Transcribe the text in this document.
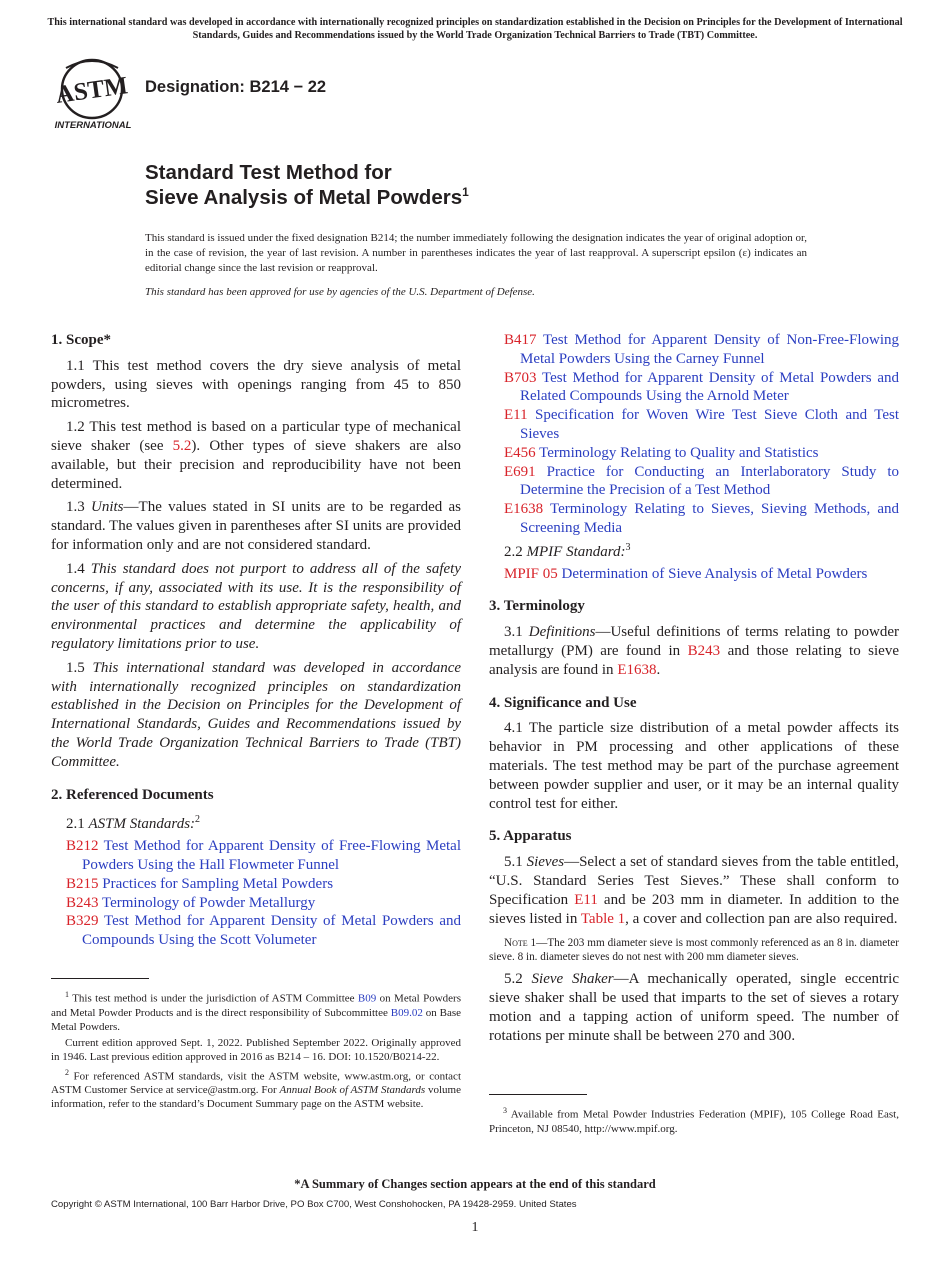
This international standard was developed in accordance with internationally recognized principles on standardization established in the Decision on Principles for the Development of International Standards, Guides and Recommendations issued by the World Trade Organization Technical Barriers to Trade (TBT) Committee.
ASTM
INTERNATIONAL
Designation: B214 − 22
Standard Test Method for
Sieve Analysis of Metal Powders$^1$
This standard is issued under the fixed designation B214; the number immediately following the designation indicates the year of original adoption or, in the case of revision, the year of last revision. A number in parentheses indicates the year of last reapproval. A superscript epsilon (ε) indicates an editorial change since the last revision or reapproval.
This standard has been approved for use by agencies of the U.S. Department of Defense.
1. Scope*
1.1 This test method covers the dry sieve analysis of metal powders, using sieves with openings ranging from 45 to 850 micrometres.
1.2 This test method is based on a particular type of mechanical sieve shaker (see 5.2). Other types of sieve shakers are also available, but their precision and reproducibility have not been determined.
1.3 Units—The values stated in SI units are to be regarded as standard. The values given in parentheses after SI units are provided for information only and are not considered standard.
1.4 This standard does not purport to address all of the safety concerns, if any, associated with its use. It is the responsibility of the user of this standard to establish appropriate safety, health, and environmental practices and determine the applicability of regulatory limitations prior to use.
1.5 This international standard was developed in accordance with internationally recognized principles on standardization established in the Decision on Principles for the Development of International Standards, Guides and Recommendations issued by the World Trade Organization Technical Barriers to Trade (TBT) Committee.
2. Referenced Documents
2.1 ASTM Standards:$^2$
B212 Test Method for Apparent Density of Free-Flowing Metal Powders Using the Hall Flowmeter Funnel
B215 Practices for Sampling Metal Powders
B243 Terminology of Powder Metallurgy
B329 Test Method for Apparent Density of Metal Powders and Compounds Using the Scott Volumeter
B417 Test Method for Apparent Density of Non-Free-Flowing Metal Powders Using the Carney Funnel
B703 Test Method for Apparent Density of Metal Powders and Related Compounds Using the Arnold Meter
E11 Specification for Woven Wire Test Sieve Cloth and Test Sieves
E456 Terminology Relating to Quality and Statistics
E691 Practice for Conducting an Interlaboratory Study to Determine the Precision of a Test Method
E1638 Terminology Relating to Sieves, Sieving Methods, and Screening Media
2.2 MPIF Standard:$^3$
MPIF 05 Determination of Sieve Analysis of Metal Powders
3. Terminology
3.1 Definitions—Useful definitions of terms relating to powder metallurgy (PM) are found in B243 and those relating to sieve analysis are found in E1638.
4. Significance and Use
4.1 The particle size distribution of a metal powder affects its behavior in PM processing and other applications of these materials. The test method may be part of the purchase agreement between powder supplier and user, or it may be an internal quality control test for either.
5. Apparatus
5.1 Sieves—Select a set of standard sieves from the table entitled, “U.S. Standard Series Test Sieves.” These shall conform to Specification E11 and be 203 mm in diameter. In addition to the sieves listed in Table 1, a cover and collection pan are also required.
Note 1—The 203 mm diameter sieve is most commonly referenced as an 8 in. diameter sieve. 8 in. diameter sieves do not nest with 200 mm diameter sieves.
5.2 Sieve Shaker—A mechanically operated, single eccentric sieve shaker shall be used that imparts to the set of sieves a rotary motion and a tapping action of uniform speed. The number of rotations per minute shall be between 270 and 300.

$^1$ This test method is under the jurisdiction of ASTM Committee B09 on Metal Powders and Metal Powder Products and is the direct responsibility of Subcommittee B09.02 on Base Metal Powders.

Current edition approved Sept. 1, 2022. Published September 2022. Originally approved in 1946. Last previous edition approved in 2016 as B214 – 16. DOI: 10.1520/B0214-22.

$^2$ For referenced ASTM standards, visit the ASTM website, www.astm.org, or contact ASTM Customer Service at service@astm.org. For Annual Book of ASTM Standards volume information, refer to the standard’s Document Summary page on the ASTM website.

$^3$ Available from Metal Powder Industries Federation (MPIF), 105 College Road East, Princeton, NJ 08540, http://www.mpif.org.

*A Summary of Changes section appears at the end of this standard
Copyright © ASTM International, 100 Barr Harbor Drive, PO Box C700, West Conshohocken, PA 19428-2959. United States
1
